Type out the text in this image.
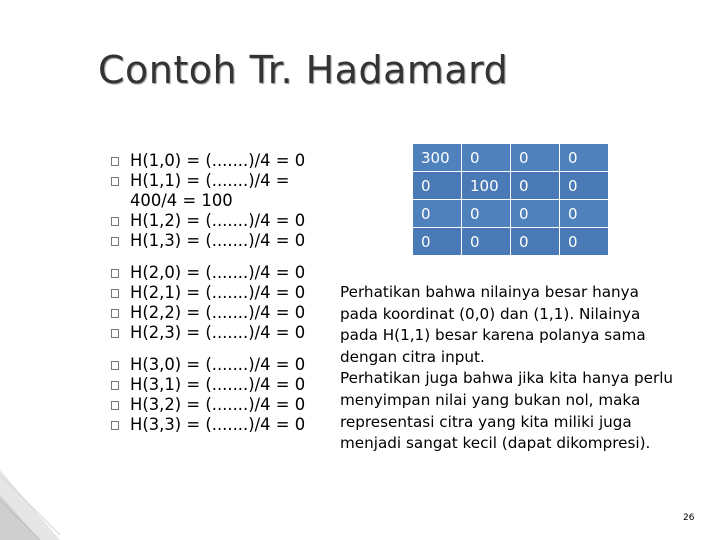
Contoh Tr. Hadamard
H(1,0) = (.......)/4 = 0
H(1,1) = (.......)/4 =
400/4 = 100
H(1,2) = (.......)/4 = 0
H(1,3) = (.......)/4 = 0
H(2,0) = (.......)/4 = 0
H(2,1) = (.......)/4 = 0
H(2,2) = (.......)/4 = 0
H(2,3) = (.......)/4 = 0
H(3,0) = (.......)/4 = 0
H(3,1) = (.......)/4 = 0
H(3,2) = (.......)/4 = 0
H(3,3) = (.......)/4 = 0
300	0	0	0
0	100	0	0
0	0	0	0
0	0	0	0
Perhatikan bahwa nilainya besar hanya
pada koordinat (0,0) dan (1,1). Nilainya
pada H(1,1) besar karena polanya sama
dengan citra input.
Perhatikan juga bahwa jika kita hanya perlu
menyimpan nilai yang bukan nol, maka
representasi citra yang kita miliki juga
menjadi sangat kecil (dapat dikompresi).
26
